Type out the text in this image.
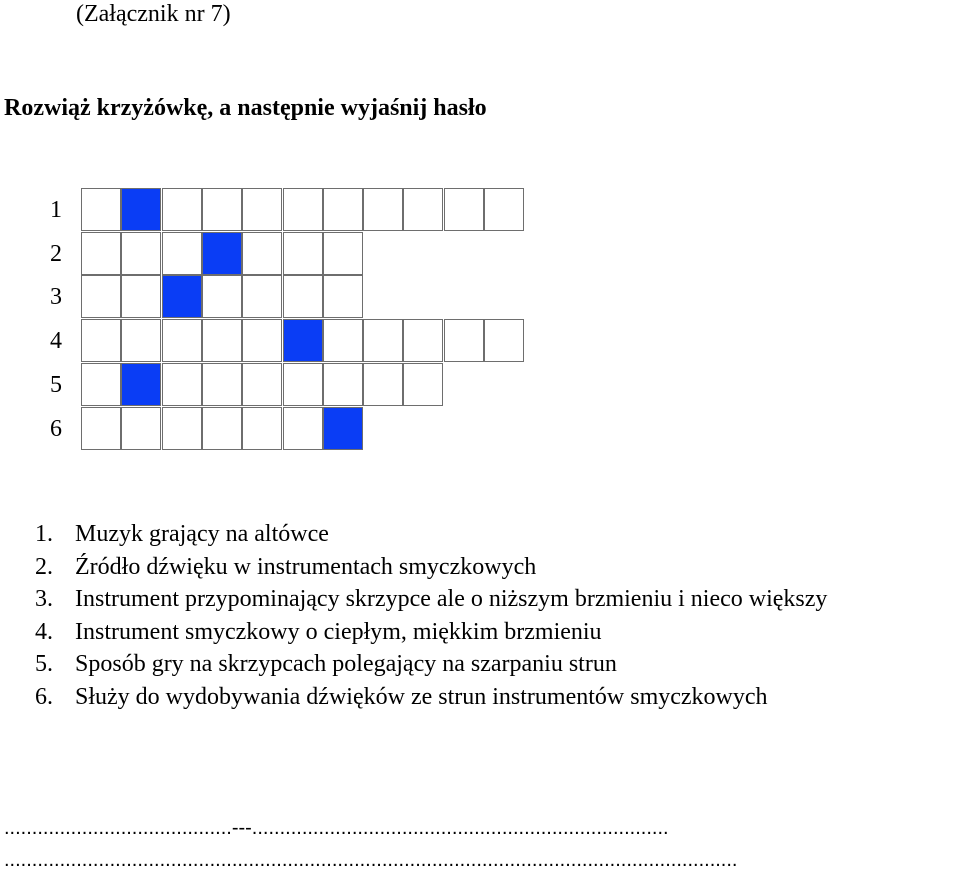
(Załącznik nr 7)
Rozwiąż krzyżówkę, a następnie wyjaśnij hasło
1
2
3
4
5
6
1. Muzyk grający na altówce
2. Źródło dźwięku w instrumentach smyczkowych
3. Instrument przypominający skrzypce ale o niższym brzmieniu i nieco większy
4. Instrument smyczkowy o ciepłym, miękkim brzmieniu
5. Sposób gry na skrzypcach polegający na szarpaniu strun
6. Służy do wydobywania dźwięków ze strun instrumentów smyczkowych
.........................................---...........................................................................
....................................................................................................................................
